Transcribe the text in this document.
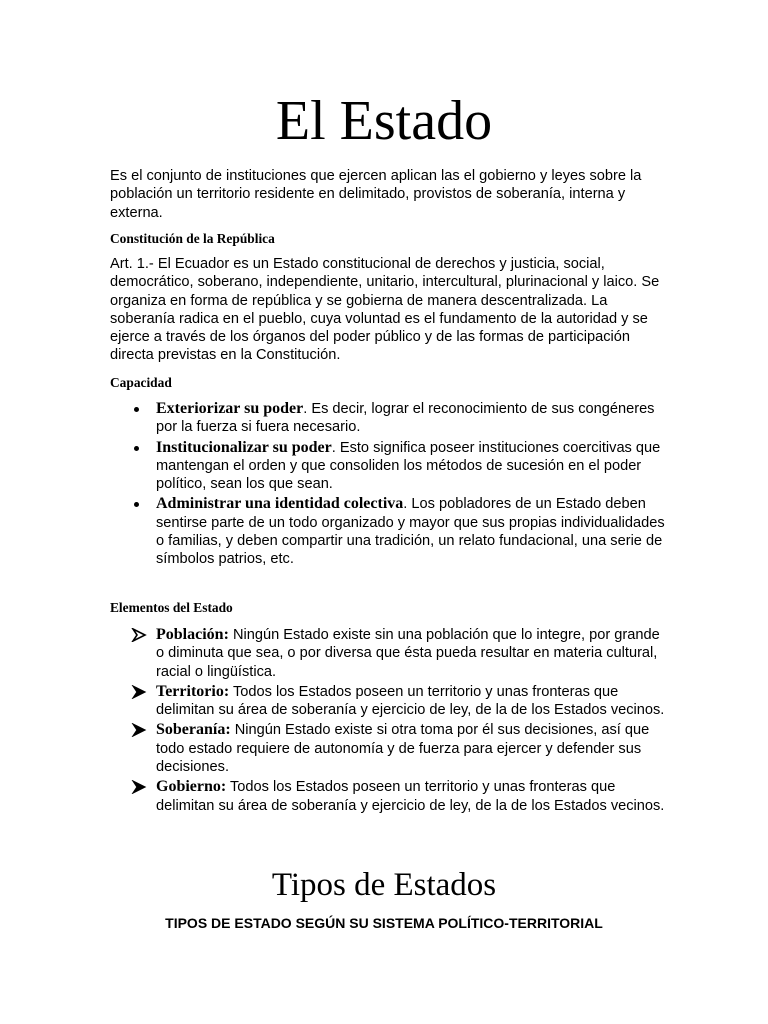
El Estado

Es el conjunto de instituciones que ejercen aplican las el gobierno y leyes sobre la población un territorio residente en delimitado, provistos de soberanía, interna y externa.

Constitución de la República

Art. 1.- El Ecuador es un Estado constitucional de derechos y justicia, social, democrático, soberano, independiente, unitario, intercultural, plurinacional y laico. Se organiza en forma de república y se gobierna de manera descentralizada. La soberanía radica en el pueblo, cuya voluntad es el fundamento de la autoridad y se ejerce a través de los órganos del poder público y de las formas de participación directa previstas en la Constitución.

Capacidad
Exteriorizar su poder. Es decir, lograr el reconocimiento de sus congéneres por la fuerza si fuera necesario.
Institucionalizar su poder. Esto significa poseer instituciones coercitivas que mantengan el orden y que consoliden los métodos de sucesión en el poder político, sean los que sean.
Administrar una identidad colectiva. Los pobladores de un Estado deben sentirse parte de un todo organizado y mayor que sus propias individualidades o familias, y deben compartir una tradición, un relato fundacional, una serie de símbolos patrios, etc.
Elementos del Estado
Población: Ningún Estado existe sin una población que lo integre, por grande o diminuta que sea, o por diversa que ésta pueda resultar en materia cultural, racial o lingüística.
Territorio: Todos los Estados poseen un territorio y unas fronteras que delimitan su área de soberanía y ejercicio de ley, de la de los Estados vecinos.
Soberanía: Ningún Estado existe si otra toma por él sus decisiones, así que todo estado requiere de autonomía y de fuerza para ejercer y defender sus decisiones.
Gobierno: Todos los Estados poseen un territorio y unas fronteras que delimitan su área de soberanía y ejercicio de ley, de la de los Estados vecinos.
Tipos de Estados
TIPOS DE ESTADO SEGÚN SU SISTEMA POLÍTICO-TERRITORIAL
